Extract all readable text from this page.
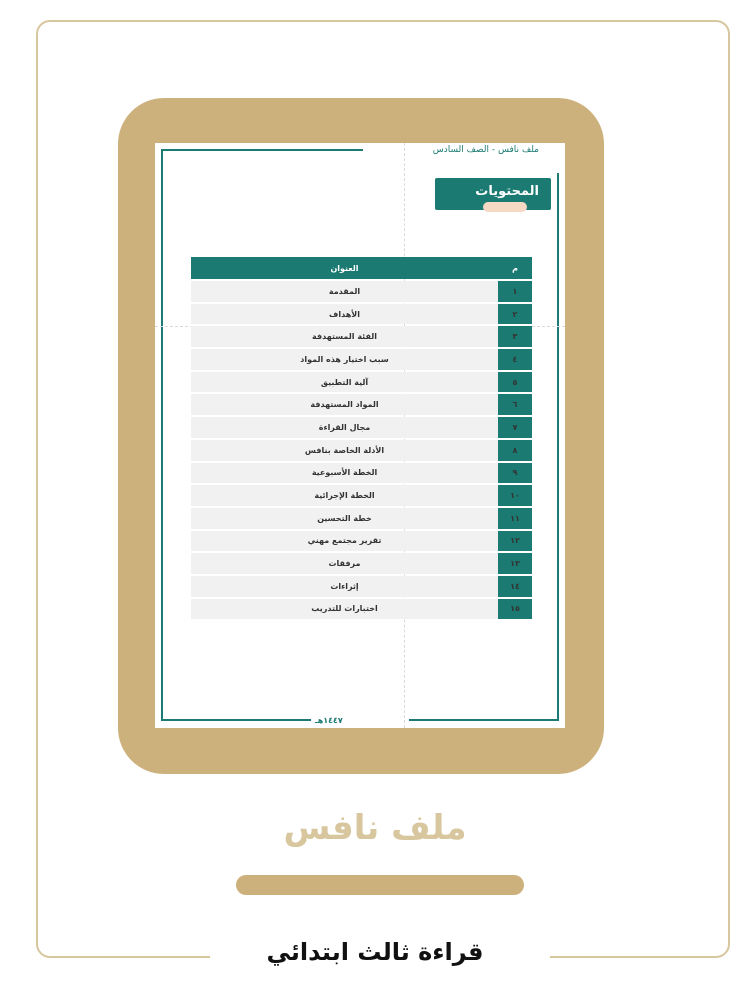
ملف نافس - الصف السادس
المحتويات
م	العنوان
١	المقدمة
٢	الأهداف
٣	الفئة المستهدفة
٤	سبب اختيار هذه المواد
٥	آلية التطبيق
٦	المواد المستهدفة
٧	مجال القراءة
٨	الأدلة الخاصة بنافس
٩	الخطة الأسبوعية
١٠	الخطة الإجرائية
١١	خطة التحسين
١٢	تقرير مجتمع مهني
١٣	مرفقات
١٤	إثراءات
١٥	اختبارات للتدريب
١٤٤٧هـ
ملف نافس
قراءة ثالث ابتدائي
